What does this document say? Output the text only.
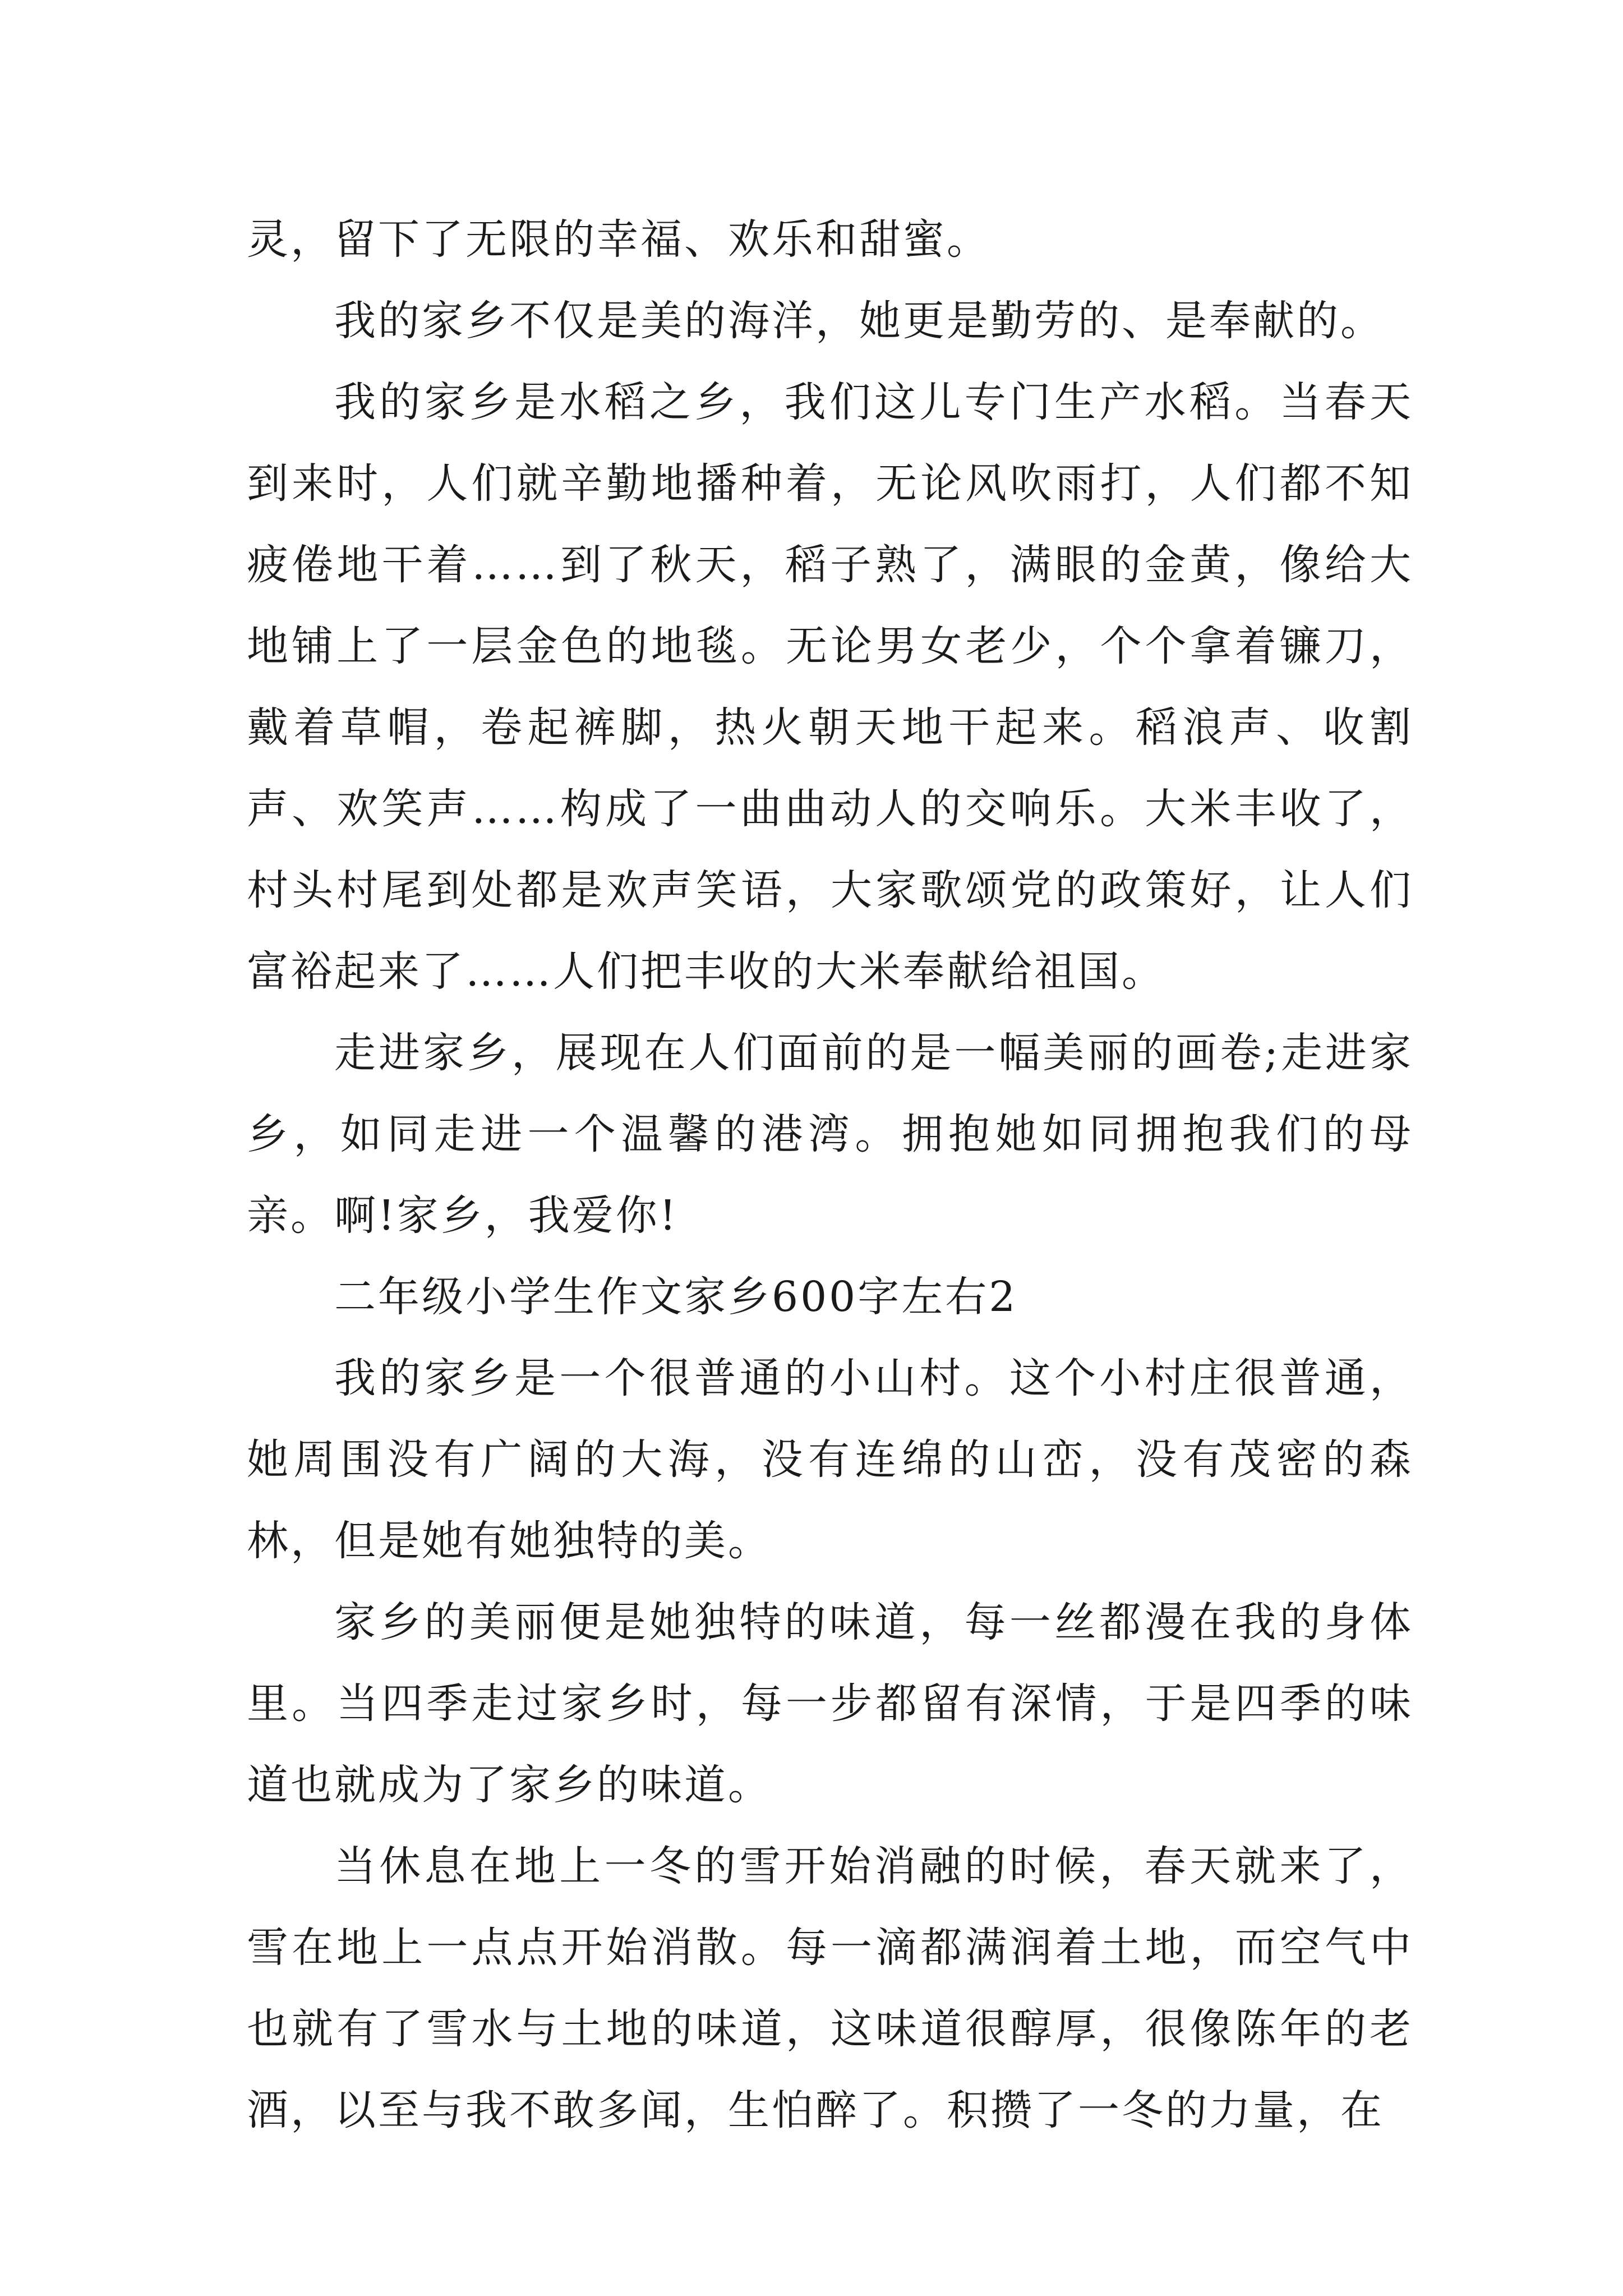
灵，留下了无限的幸福、欢乐和甜蜜。

我的家乡不仅是美的海洋，她更是勤劳的、是奉献的。

我的家乡是水稻之乡，我们这儿专门生产水稻。当春天到来时，人们就辛勤地播种着，无论风吹雨打，人们都不知疲倦地干着……到了秋天，稻子熟了，满眼的金黄，像给大地铺上了一层金色的地毯。无论男女老少，个个拿着镰刀，戴着草帽，卷起裤脚，热火朝天地干起来。稻浪声、收割声、欢笑声……构成了一曲曲动人的交响乐。大米丰收了，村头村尾到处都是欢声笑语，大家歌颂党的政策好，让人们富裕起来了……人们把丰收的大米奉献给祖国。

走进家乡，展现在人们面前的是一幅美丽的画卷;走进家乡，如同走进一个温馨的港湾。拥抱她如同拥抱我们的母亲。啊!家乡，我爱你!

二年级小学生作文家乡600字左右2

我的家乡是一个很普通的小山村。这个小村庄很普通，她周围没有广阔的大海，没有连绵的山峦，没有茂密的森林，但是她有她独特的美。

家乡的美丽便是她独特的味道，每一丝都漫在我的身体里。当四季走过家乡时，每一步都留有深情，于是四季的味道也就成为了家乡的味道。

当休息在地上一冬的雪开始消融的时候，春天就来了，雪在地上一点点开始消散。每一滴都满润着土地，而空气中也就有了雪水与土地的味道，这味道很醇厚，很像陈年的老酒，以至与我不敢多闻，生怕醉了。积攒了一冬的力量，在
